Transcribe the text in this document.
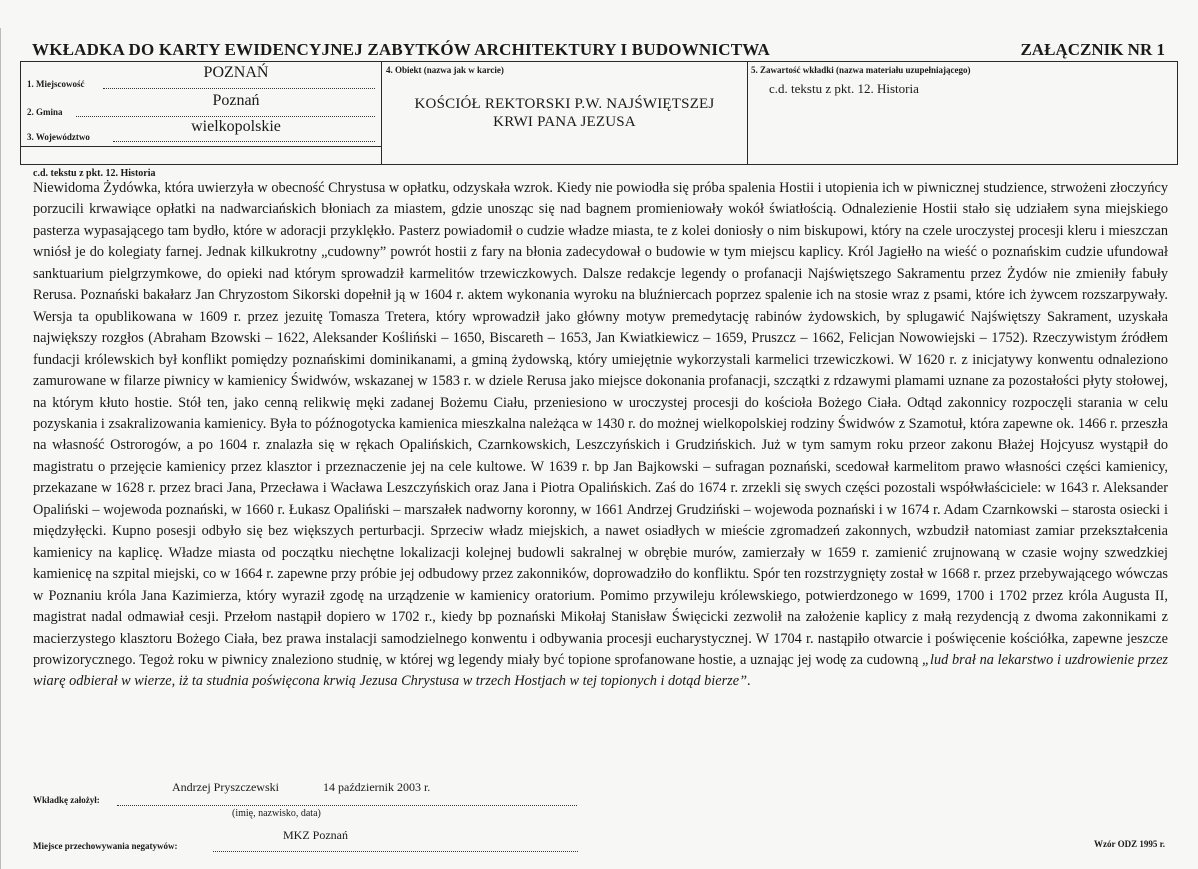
WKŁADKA DO KARTY EWIDENCYJNEJ ZABYTKÓW ARCHITEKTURY I BUDOWNICTWA	ZAŁĄCZNIK NR 1
1. Miejscowość
POZNAŃ
2. Gmina
Poznań
3. Województwo
wielkopolskie
4. Obiekt (nazwa jak w karcie)
KOŚCIÓŁ REKTORSKI P.W. NAJŚWIĘTSZEJ
KRWI PANA JEZUSA
5. Zawartość wkładki (nazwa materiału uzupełniającego)
c.d. tekstu z pkt. 12. Historia
c.d. tekstu z pkt. 12. Historia
Niewidoma Żydówka, która uwierzyła w obecność Chrystusa w opłatku, odzyskała wzrok. Kiedy nie powiodła się próba spalenia Hostii i utopienia ich w piwnicznej studzience, strwożeni złoczyńcy porzucili krwawiące opłatki na nadwarciańskich błoniach za miastem, gdzie unosząc się nad bagnem promieniowały wokół światłością. Odnalezienie Hostii stało się udziałem syna miejskiego pasterza wypasającego tam bydło, które w adoracji przyklękło. Pasterz powiadomił o cudzie władze miasta, te z kolei doniosły o nim biskupowi, który na czele uroczystej procesji kleru i mieszczan wniósł je do kolegiaty farnej. Jednak kilkukrotny „cudowny” powrót hostii z fary na błonia zadecydował o budowie w tym miejscu kaplicy. Król Jagiełło na wieść o poznańskim cudzie ufundował sanktuarium pielgrzymkowe, do opieki nad którym sprowadził karmelitów trzewiczkowych. Dalsze redakcje legendy o profanacji Najświętszego Sakramentu przez Żydów nie zmieniły fabuły Rerusa. Poznański bakałarz Jan Chryzostom Sikorski dopełnił ją w 1604 r. aktem wykonania wyroku na bluźniercach poprzez spalenie ich na stosie wraz z psami, które ich żywcem rozszarpywały. Wersja ta opublikowana w 1609 r. przez jezuitę Tomasza Tretera, który wprowadził jako główny motyw premedytację rabinów żydowskich, by splugawić Najświętszy Sakrament, uzyskała największy rozgłos (Abraham Bzowski – 1622, Aleksander Kośliński – 1650, Biscareth – 1653, Jan Kwiatkiewicz – 1659, Pruszcz – 1662, Felicjan Nowowiejski – 1752). Rzeczywistym źródłem fundacji królewskich był konflikt pomiędzy poznańskimi dominikanami, a gminą żydowską, który umiejętnie wykorzystali karmelici trzewiczkowi. W 1620 r. z inicjatywy konwentu odnaleziono zamurowane w filarze piwnicy w kamienicy Świdwów, wskazanej w 1583 r. w dziele Rerusa jako miejsce dokonania profanacji, szczątki z rdzawymi plamami uznane za pozostałości płyty stołowej, na którym kłuto hostie. Stół ten, jako cenną relikwię męki zadanej Bożemu Ciału, przeniesiono w uroczystej procesji do kościoła Bożego Ciała. Odtąd zakonnicy rozpoczęli starania w celu pozyskania i zsakralizowania kamienicy. Była to późnogotycka kamienica mieszkalna należąca w 1430 r. do możnej wielkopolskiej rodziny Świdwów z Szamotuł, która zapewne ok. 1466 r. przeszła na własność Ostrorogów, a po 1604 r. znalazła się w rękach Opalińskich, Czarnkowskich, Leszczyńskich i Grudzińskich. Już w tym samym roku przeor zakonu Błażej Hojcyusz wystąpił do magistratu o przejęcie kamienicy przez klasztor i przeznaczenie jej na cele kultowe. W 1639 r. bp Jan Bajkowski – sufragan poznański, scedował karmelitom prawo własności części kamienicy, przekazane w 1628 r. przez braci Jana, Przecława i Wacława Leszczyńskich oraz Jana i Piotra Opalińskich. Zaś do 1674 r. zrzekli się swych części pozostali współwłaściciele: w 1643 r. Aleksander Opaliński – wojewoda poznański, w 1660 r. Łukasz Opaliński – marszałek nadworny koronny, w 1661 Andrzej Grudziński – wojewoda poznański i w 1674 r. Adam Czarnkowski – starosta osiecki i międzyłęcki. Kupno posesji odbyło się bez większych perturbacji. Sprzeciw władz miejskich, a nawet osiadłych w mieście zgromadzeń zakonnych, wzbudził natomiast zamiar przekształcenia kamienicy na kaplicę. Władze miasta od początku niechętne lokalizacji kolejnej budowli sakralnej w obrębie murów, zamierzały w 1659 r. zamienić zrujnowaną w czasie wojny szwedzkiej kamienicę na szpital miejski, co w 1664 r. zapewne przy próbie jej odbudowy przez zakonników, doprowadziło do konfliktu. Spór ten rozstrzygnięty został w 1668 r. przez przebywającego wówczas w Poznaniu króla Jana Kazimierza, który wyraził zgodę na urządzenie w kamienicy oratorium. Pomimo przywileju królewskiego, potwierdzonego w 1699, 1700 i 1702 przez króla Augusta II, magistrat nadal odmawiał cesji. Przełom nastąpił dopiero w 1702 r., kiedy bp poznański Mikołaj Stanisław Święcicki zezwolił na założenie kaplicy z małą rezydencją z dwoma zakonnikami z macierzystego klasztoru Bożego Ciała, bez prawa instalacji samodzielnego konwentu i odbywania procesji eucharystycznej. W 1704 r. nastąpiło otwarcie i poświęcenie kościółka, zapewne jeszcze prowizorycznego. Tegoż roku w piwnicy znaleziono studnię, w której wg legendy miały być topione sprofanowane hostie, a uznając jej wodę za cudowną „lud brał na lekarstwo i uzdrowienie przez wiarę odbierał w wierze, iż ta studnia poświęcona krwią Jezusa Chrystusa w trzech Hostjach w tej topionych i dotąd bierze”.
Wkładkę założył:
Andrzej Pryszczewski	14 październik 2003 r.
(imię, nazwisko, data)
Miejsce przechowywania negatywów:
MKZ Poznań
Wzór ODZ 1995 r.
